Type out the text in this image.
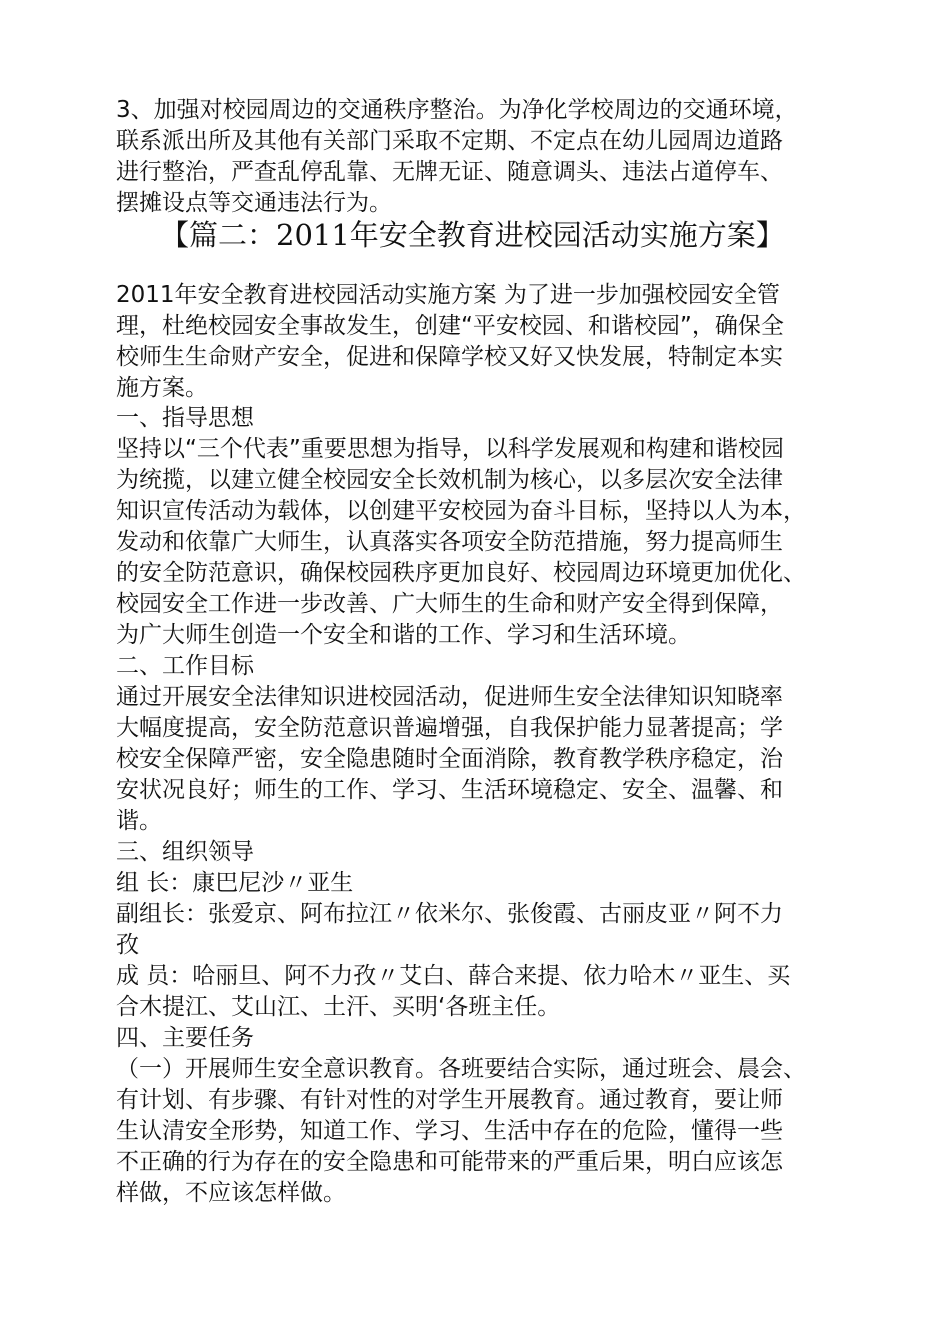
3、加强对校园周边的交通秩序整治。为净化学校周边的交通环境，
联系派出所及其他有关部门采取不定期、不定点在幼儿园周边道路
进行整治，严查乱停乱靠、无牌无证、随意调头、违法占道停车、
摆摊设点等交通违法行为。
【篇二：2011年安全教育进校园活动实施方案】
2011年安全教育进校园活动实施方案 为了进一步加强校园安全管
理，杜绝校园安全事故发生，创建“平安校园、和谐校园”，确保全
校师生生命财产安全，促进和保障学校又好又快发展，特制定本实
施方案。
一、指导思想
坚持以“三个代表”重要思想为指导，以科学发展观和构建和谐校园
为统揽，以建立健全校园安全长效机制为核心，以多层次安全法律
知识宣传活动为载体，以创建平安校园为奋斗目标，坚持以人为本，
发动和依靠广大师生，认真落实各项安全防范措施，努力提高师生
的安全防范意识，确保校园秩序更加良好、校园周边环境更加优化、
校园安全工作进一步改善、广大师生的生命和财产安全得到保障，
为广大师生创造一个安全和谐的工作、学习和生活环境。
二、工作目标
通过开展安全法律知识进校园活动，促进师生安全法律知识知晓率
大幅度提高，安全防范意识普遍增强，自我保护能力显著提高；学
校安全保障严密，安全隐患随时全面消除，教育教学秩序稳定，治
安状况良好；师生的工作、学习、生活环境稳定、安全、温馨、和
谐。
三、组织领导
组 长：康巴尼沙〃亚生
副组长：张爱京、阿布拉江〃依米尔、张俊霞、古丽皮亚〃阿不力
孜
成 员：哈丽旦、阿不力孜〃艾白、薛合来提、依力哈木〃亚生、买
合木提江、艾山江、土汗、买明‘各班主任。
四、主要任务
（一）开展师生安全意识教育。各班要结合实际，通过班会、晨会、
有计划、有步骤、有针对性的对学生开展教育。通过教育，要让师
生认清安全形势，知道工作、学习、生活中存在的危险，懂得一些
不正确的行为存在的安全隐患和可能带来的严重后果，明白应该怎
样做，不应该怎样做。
